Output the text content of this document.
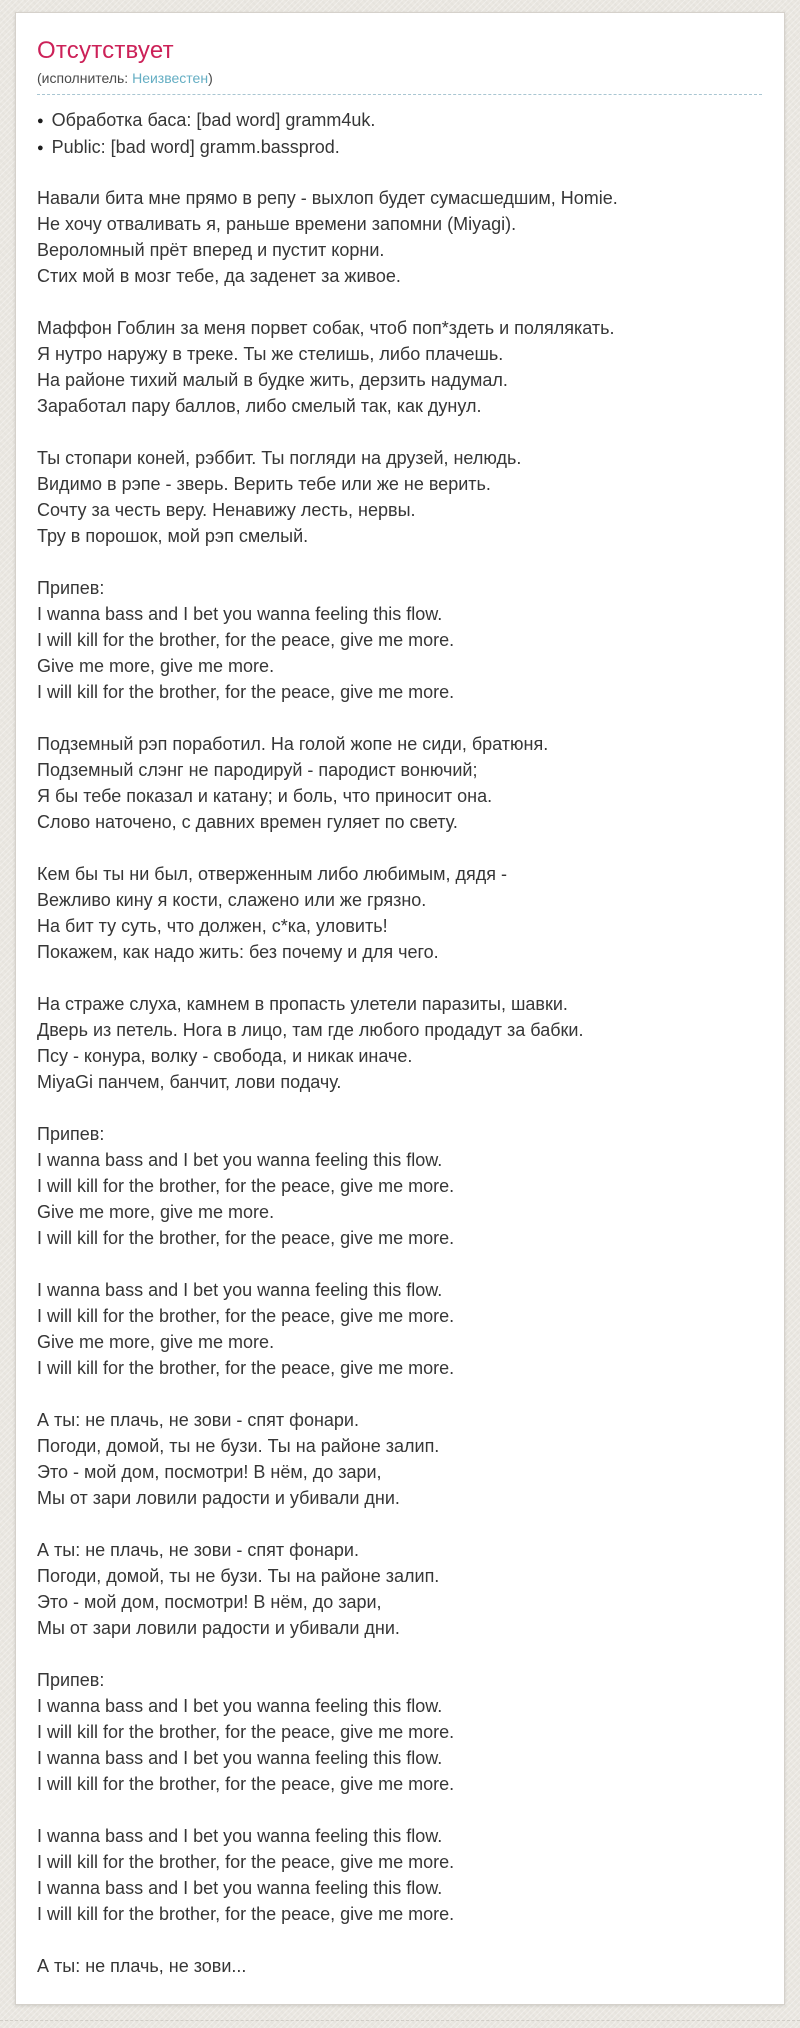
Отсутствует
(исполнитель: Неизвестен)
● Обработка баса: [bad word] gramm4uk.
● Public: [bad word] gramm.bassprod.

Навали бита мне прямо в репу - выхлоп будет сумасшедшим, Homie.
Не хочу отваливать я, раньше времени запомни (Miyagi).
Вероломный прёт вперед и пустит корни.
Стих мой в мозг тебе, да заденет за живое.

Маффон Гоблин за меня порвет собак, чтоб поп*здеть и полялякать.
Я нутро наружу в треке. Ты же стелишь, либо плачешь.
На районе тихий малый в будке жить, дерзить надумал.
Заработал пару баллов, либо смелый так, как дунул.

Ты стопари коней, рэббит. Ты погляди на друзей, нелюдь.
Видимо в рэпе - зверь. Верить тебе или же не верить.
Сочту за честь веру. Ненавижу лесть, нервы.
Тру в порошок, мой рэп смелый.

Припев:
I wanna bass and I bet you wanna feeling this flow.
I will kill for the brother, for the peace, give me more.
Give me more, give me more.
I will kill for the brother, for the peace, give me more.

Подземный рэп поработил. На голой жопе не сиди, братюня.
Подземный слэнг не пародируй - пародист вонючий;
Я бы тебе показал и катану; и боль, что приносит она.
Слово наточено, с давних времен гуляет по свету.

Кем бы ты ни был, отверженным либо любимым, дядя -
Вежливо кину я кости, слажено или же грязно.
На бит ту суть, что должен, с*ка, уловить!
Покажем, как надо жить: без почему и для чего.

На страже слуха, камнем в пропасть улетели паразиты, шавки.
Дверь из петель. Нога в лицо, там где любого продадут за бабки.
Псу - конура, волку - свобода, и никак иначе.
MiyaGi панчем, банчит, лови подачу.

Припев:
I wanna bass and I bet you wanna feeling this flow.
I will kill for the brother, for the peace, give me more.
Give me more, give me more.
I will kill for the brother, for the peace, give me more.

I wanna bass and I bet you wanna feeling this flow.
I will kill for the brother, for the peace, give me more.
Give me more, give me more.
I will kill for the brother, for the peace, give me more.

А ты: не плачь, не зови - спят фонари.
Погоди, домой, ты не бузи. Ты на районе залип.
Это - мой дом, посмотри! В нём, до зари,
Мы от зари ловили радости и убивали дни.

А ты: не плачь, не зови - спят фонари.
Погоди, домой, ты не бузи. Ты на районе залип.
Это - мой дом, посмотри! В нём, до зари,
Мы от зари ловили радости и убивали дни.

Припев:
I wanna bass and I bet you wanna feeling this flow.
I will kill for the brother, for the peace, give me more.
I wanna bass and I bet you wanna feeling this flow.
I will kill for the brother, for the peace, give me more.

I wanna bass and I bet you wanna feeling this flow.
I will kill for the brother, for the peace, give me more.
I wanna bass and I bet you wanna feeling this flow.
I will kill for the brother, for the peace, give me more.

А ты: не плачь, не зови...
